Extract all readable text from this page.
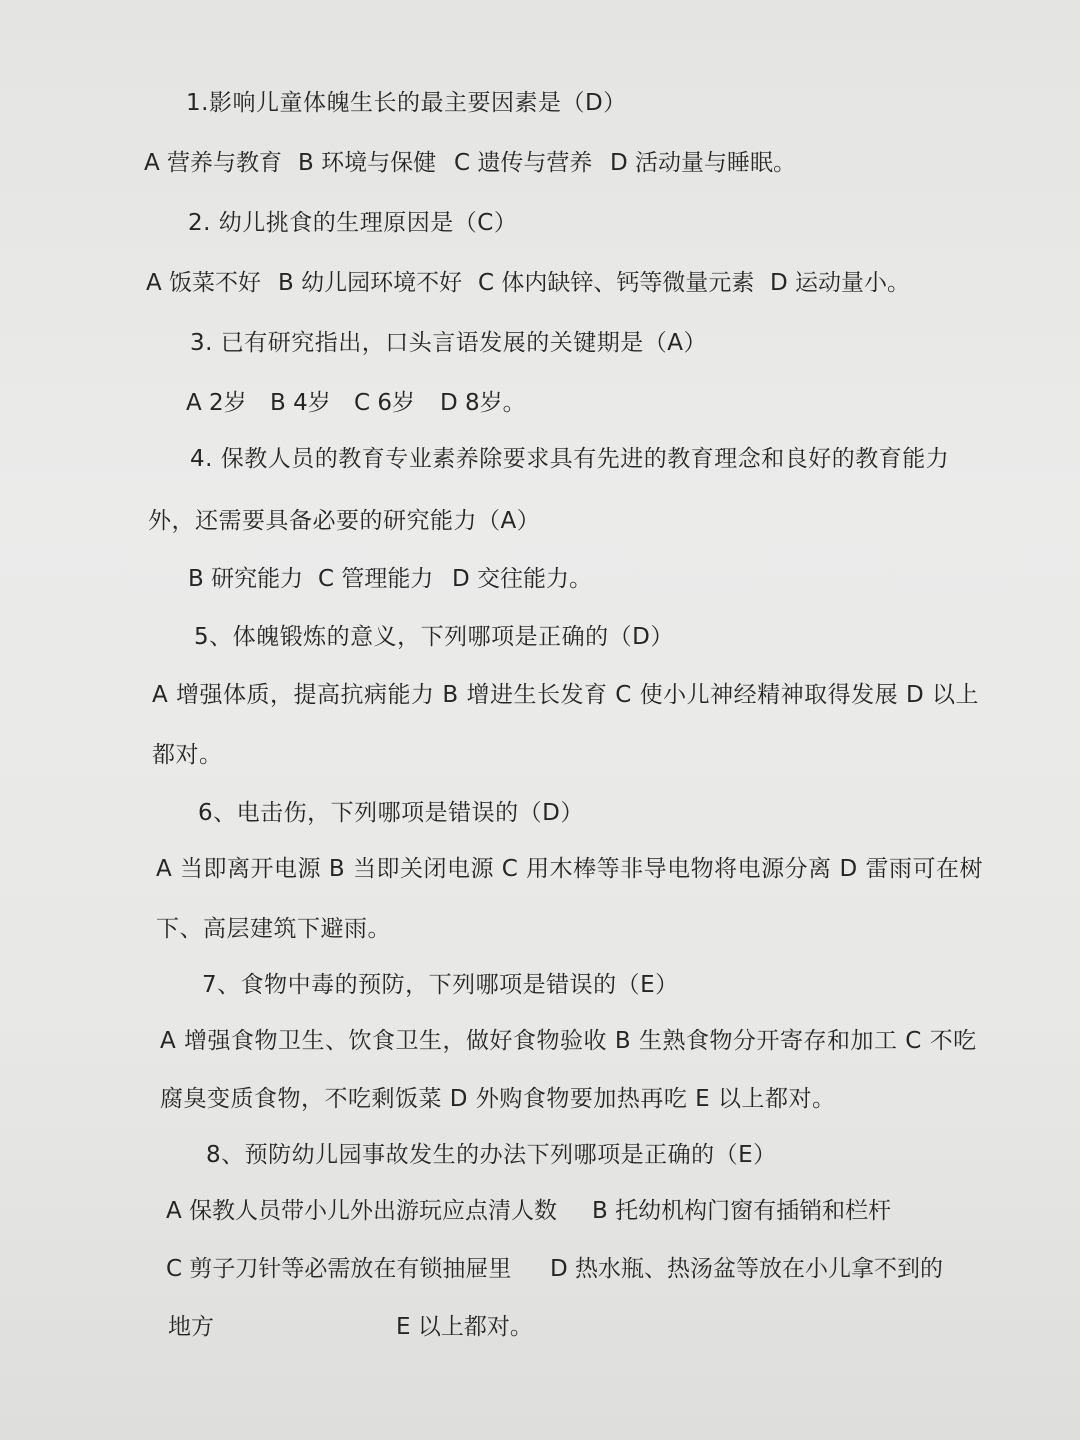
1.影响儿童体魄生长的最主要因素是（D）
A 营养与教育 B 环境与保健 C 遗传与营养 D 活动量与睡眠。
2. 幼儿挑食的生理原因是（C）
A 饭菜不好 B 幼儿园环境不好 C 体内缺锌、钙等微量元素 D 运动量小。
3. 已有研究指出，口头言语发展的关键期是（A）
A 2岁 B 4岁 C 6岁 D 8岁。
4. 保教人员的教育专业素养除要求具有先进的教育理念和良好的教育能力
外，还需要具备必要的研究能力（A）
B 研究能力 C 管理能力 D 交往能力。
5、体魄锻炼的意义，下列哪项是正确的（D）
A 增强体质，提高抗病能力 B 增进生长发育 C 使小儿神经精神取得发展 D 以上
都对。
6、电击伤，下列哪项是错误的（D）
A 当即离开电源 B 当即关闭电源 C 用木棒等非导电物将电源分离 D 雷雨可在树
下、高层建筑下避雨。
7、食物中毒的预防，下列哪项是错误的（E）
A 增强食物卫生、饮食卫生，做好食物验收 B 生熟食物分开寄存和加工 C 不吃
腐臭变质食物，不吃剩饭菜 D 外购食物要加热再吃 E 以上都对。
8、预防幼儿园事故发生的办法下列哪项是正确的（E）
A 保教人员带小儿外出游玩应点清人数 B 托幼机构门窗有插销和栏杆
C 剪子刀针等必需放在有锁抽屉里 D 热水瓶、热汤盆等放在小儿拿不到的
地方	E 以上都对。
